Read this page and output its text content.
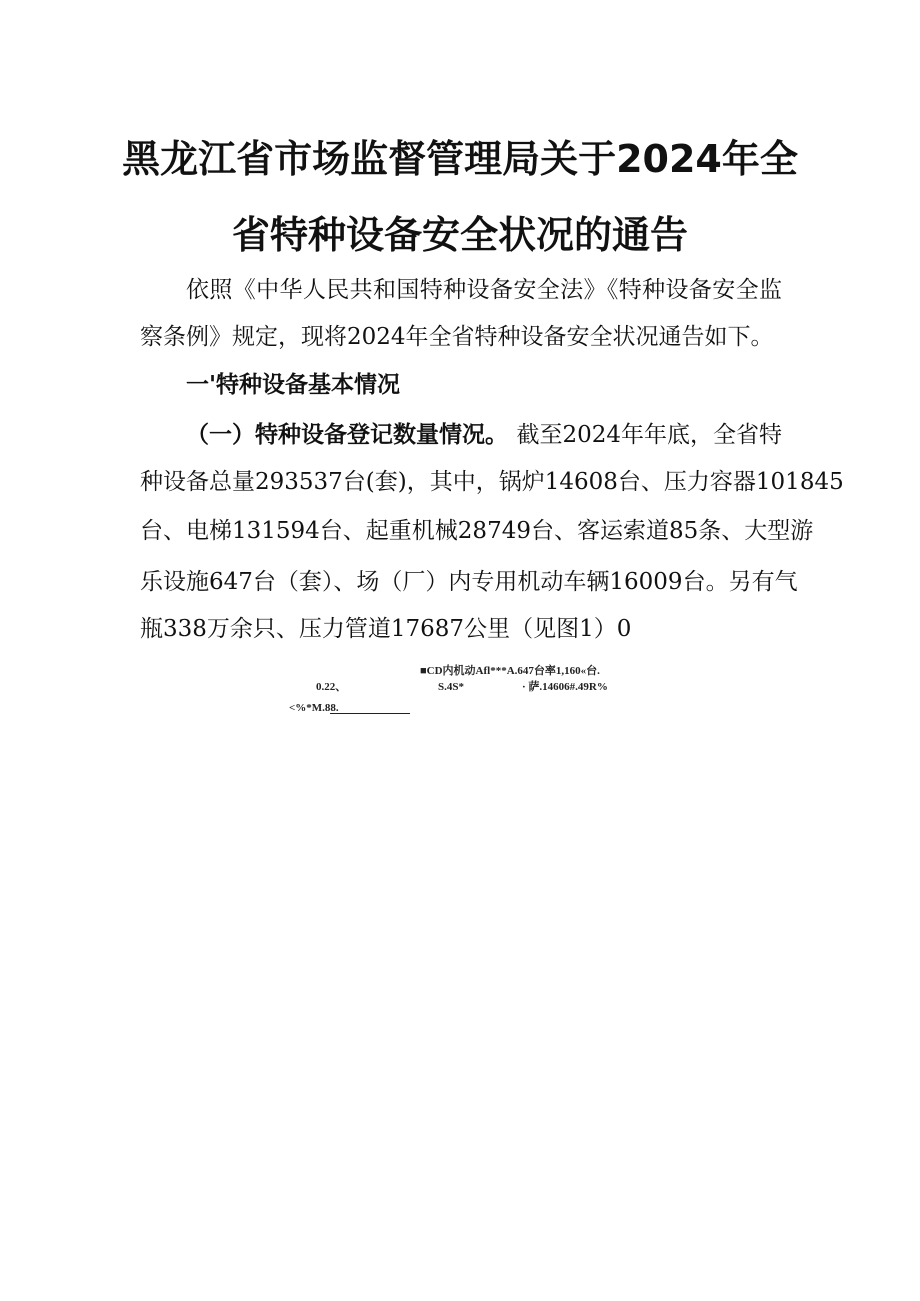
黑龙江省市场监督管理局关于2024年全
省特种设备安全状况的通告
依照《中华人民共和国特种设备安全法》《特种设备安全监
察条例》规定，现将2024年全省特种设备安全状况通告如下。
一'特种设备基本情况
（一）特种设备登记数量情况。 截至2024年年底，全省特
种设备总量293537台(套)，其中，锅炉14608台、压力容器101845
台、电梯131594台、起重机械28749台、客运索道85条、大型游
乐设施647台（套）、场（厂）内专用机动车辆16009台。另有气
瓶338万余只、压力管道17687公里（见图1）0
■CD内机动Afl***A.647台率1,160«台.
0.22、	S.4S*	· 萨.14606#.49R%
<%*M.88.
